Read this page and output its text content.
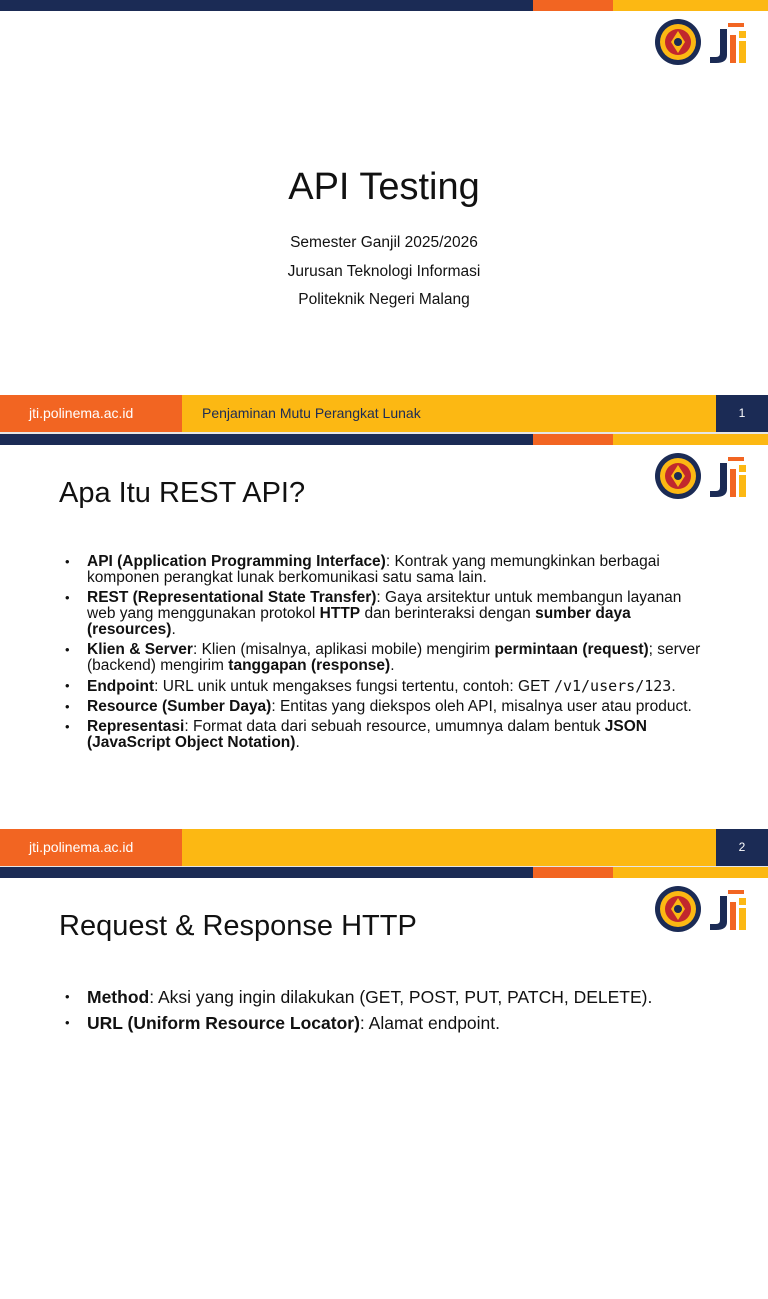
API Testing
Semester Ganjil 2025/2026
Jurusan Teknologi Informasi
Politeknik Negeri Malang
jti.polinema.ac.id	Penjaminan Mutu Perangkat Lunak	1
Apa Itu REST API?
• API (Application Programming Interface): Kontrak yang memungkinkan berbagai komponen perangkat lunak berkomunikasi satu sama lain.
• REST (Representational State Transfer): Gaya arsitektur untuk membangun layanan web yang menggunakan protokol HTTP dan berinteraksi dengan sumber daya (resources).
• Klien & Server: Klien (misalnya, aplikasi mobile) mengirim permintaan (request); server (backend) mengirim tanggapan (response).
• Endpoint: URL unik untuk mengakses fungsi tertentu, contoh: GET /v1/users/123.
• Resource (Sumber Daya): Entitas yang diekspos oleh API, misalnya user atau product.
• Representasi: Format data dari sebuah resource, umumnya dalam bentuk JSON (JavaScript Object Notation).
jti.polinema.ac.id	2
Request & Response HTTP
• Method: Aksi yang ingin dilakukan (GET, POST, PUT, PATCH, DELETE).
• URL (Uniform Resource Locator): Alamat endpoint.
